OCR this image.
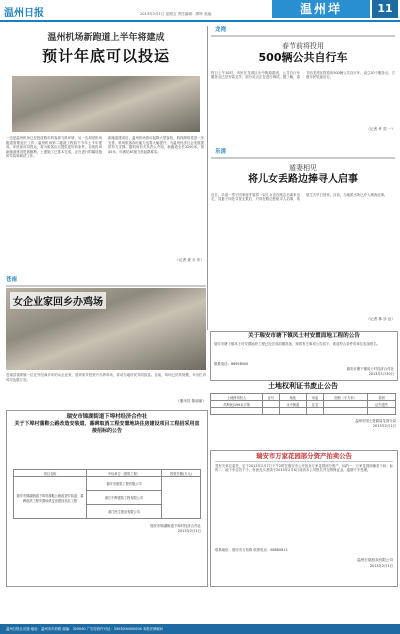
温州日报	2013年2月1日 星期五 责任编辑：缪珍 美编：	温州垟	11
温州机场新跑道上半年将建成
预计年底可以投运
一边是温州机场已经投放数年的客源飞机环境，另一边却是机场跑道需要延长工作。温州机场第二跑道工程将于今年上半年建成，年底前可以投运，将为旅客出行提供更好的条件。目前机场新跑道建设进展顺利，土建施工已基本完成，正在进行附属设施的安装和调试工作。
新跑道建成后，温州机场将可起降大型客机，航线网络将进一步完善，机场旅客吞吐能力也将大幅提升，为温州经济社会发展提供有力支撑。据机场有关负责人介绍，新跑道全长3200米，宽45米，可满足4E级飞机起降要求。
（记者 姜 永 东）
龙湾
春节前将投用
500辆公共自行车
昨日上午10时，市民在龙湾区永中街道看到，公共自行车服务点已经安装完毕，部分站点正在进行调试。据了解，春节前龙湾区将投用500辆公共自行车，设立20个服务点，方便市民短途出行。
（记者 许 奕 一）
乐清
遁妻相见
将儿女丢路边捧寻人启事
近日，乐清一男子因家庭矛盾将一双儿女丢在路边后离家出走，其妻子四处寻找无果后，只得在路边张贴寻人启事，希望丈夫早日回家。目前，当地派出所已介入调查此事。
（记者 林 乐 达）
苍南
女企业家回乡办鸡场
苍南县钱库镇一位在外经商多年的女企业家，回到家乡投资兴办养鸡场，带动当地村民共同致富。目前，鸡场已初具规模，年出栏肉鸡可达数万羽。
（通讯员 陈丽丽）
关于瑞安市塘下镇凤士村安置面地工程的公告
瑞安市塘下镇凤士村安置地块工程已经完成前期准备，现将有关事项公告如下，欢迎符合条件的单位参加报名。
联系电话：66958000
瑞安市塘下镇凤士村经济合作社
2013年1月30日
土地权利证书废止公告
土地使用权人	证号	地址	用途	面积（平方米）	原因
苏利民(1991)字第		永中街道	住宅		证书遗失

温州市国土资源局龙湾分局
2013年2月1日
瑞安市锦湖街道下埠村经济合作社
关于下埠村蒲鞋公路改造安装道、墓碑取消工程安置地块住房建设项目工程招采用直接招标的公告
项目名称	中标单位（建筑工程）	投资总额(万元)
瑞安市锦湖街道下埠村蒲鞋公路改造安装道、墓碑取消工程安置地块住房建设项目工程	瑞安市建筑工程有限公司	
	浙江中辉建筑工程有限公司	
	浙江民生建设有限公司	
瑞安市锦湖街道下埠村经济合作社
2013年2月1日
瑞安市万家花园部分资产拍卖公告
受有关单位委托，定于2013年2月7日下午2时在瑞安市公开拍卖万家花园部分资产，标的一：万家花园商铺若干间；标的二：地下车位若干个。有意竞买者请于2013年2月6日前到本公司报名并交纳保证金，逾期不予受理。
联系地址：瑞安市万松路 联系电话：66880813
温州宏瑞拍卖有限公司
2013年2月1日
温州日报社出版 地址：温州市市府路 邮编：325000 广告经营许可证：3303004000004 本报法律顾问
